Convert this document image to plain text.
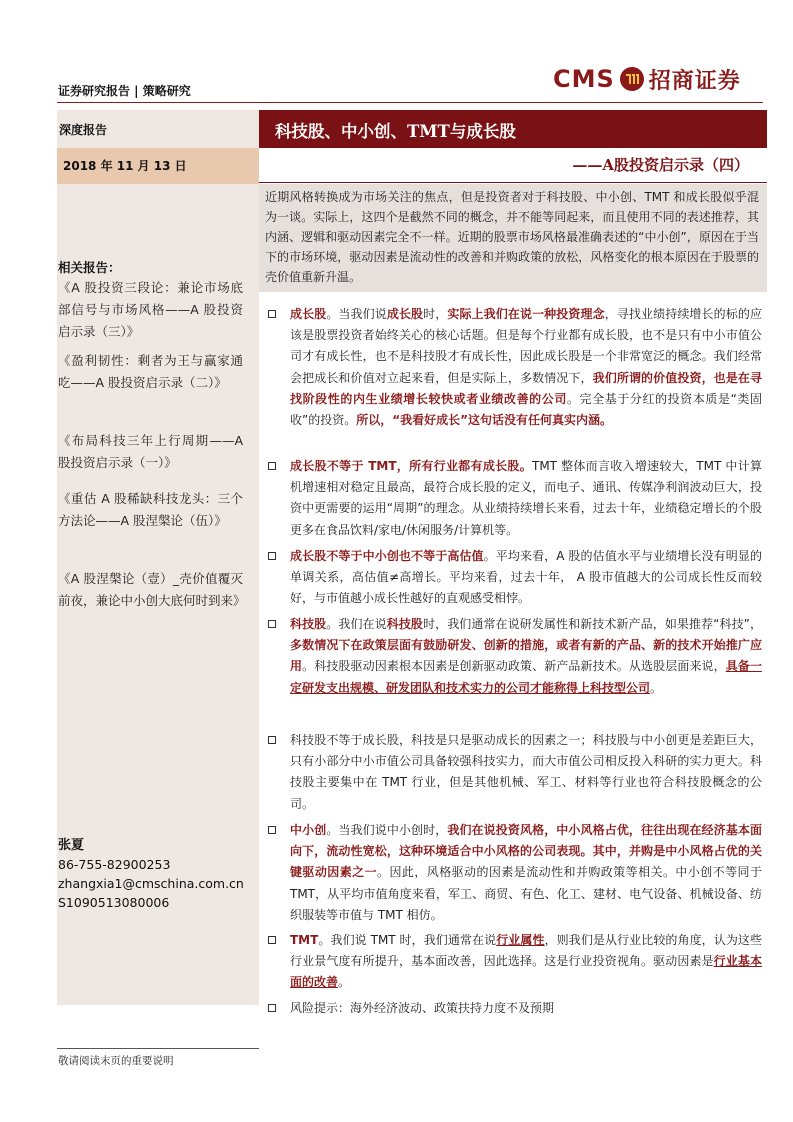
证券研究报告 | 策略研究	CMS 招商证券
深度报告
2018 年 11 月 13 日
相关报告：
《A 股投资三段论：兼论市场底部信号与市场风格——A 股投资启示录（三）》
《盈利韧性：剩者为王与赢家通吃——A 股投资启示录（二）》
《布局科技三年上行周期——A 股投资启示录（一）》
《重估 A 股稀缺科技龙头：三个方法论——A 股涅槃论（伍）》
《A 股涅槃论（壹）_壳价值覆灭前夜，兼论中小创大底何时到来》
张夏
86-755-82900253
zhangxia1@cmschina.com.cn
S1090513080006
敬请阅读末页的重要说明
科技股、中小创、TMT与成长股
——A股投资启示录（四）
近期风格转换成为市场关注的焦点，但是投资者对于科技股、中小创、TMT 和成长股似乎混为一谈。实际上，这四个是截然不同的概念，并不能等同起来，而且使用不同的表述推荐，其内涵、逻辑和驱动因素完全不一样。近期的股票市场风格最准确表述的“中小创”，原因在于当下的市场环境，驱动因素是流动性的改善和并购政策的放松，风格变化的根本原因在于股票的壳价值重新升温。
成长股。当我们说成长股时，实际上我们在说一种投资理念，寻找业绩持续增长的标的应该是股票投资者始终关心的核心话题。但是每个行业都有成长股，也不是只有中小市值公司才有成长性，也不是科技股才有成长性，因此成长股是一个非常宽泛的概念。我们经常会把成长和价值对立起来看，但是实际上，多数情况下，我们所谓的价值投资，也是在寻找阶段性的内生业绩增长较快或者业绩改善的公司。完全基于分红的投资本质是“类固收”的投资。所以，“我看好成长”这句话没有任何真实内涵。
成长股不等于 TMT，所有行业都有成长股。TMT 整体而言收入增速较大，TMT 中计算机增速相对稳定且最高，最符合成长股的定义，而电子、通讯、传媒净利润波动巨大，投资中更需要的运用“周期”的理念。从业绩持续增长来看，过去十年，业绩稳定增长的个股更多在食品饮料/家电/休闲服务/计算机等。
成长股不等于中小创也不等于高估值。平均来看，A 股的估值水平与业绩增长没有明显的单调关系，高估值≠高增长。平均来看，过去十年， A 股市值越大的公司成长性反而较好，与市值越小成长性越好的直观感受相悖。
科技股。我们在说科技股时，我们通常在说研发属性和新技术新产品，如果推荐“科技”，多数情况下在政策层面有鼓励研发、创新的措施，或者有新的产品、新的技术开始推广应用。科技股驱动因素根本因素是创新驱动政策、新产品新技术。从选股层面来说，具备一定研发支出规模、研发团队和技术实力的公司才能称得上科技型公司。
科技股不等于成长股，科技是只是驱动成长的因素之一；科技股与中小创更是差距巨大，只有小部分中小市值公司具备较强科技实力，而大市值公司相反投入科研的实力更大。科技股主要集中在 TMT 行业，但是其他机械、军工、材料等行业也符合科技股概念的公司。
中小创。当我们说中小创时，我们在说投资风格，中小风格占优，往往出现在经济基本面向下，流动性宽松，这种环境适合中小风格的公司表现。其中，并购是中小风格占优的关键驱动因素之一。因此，风格驱动的因素是流动性和并购政策等相关。中小创不等同于 TMT，从平均市值角度来看，军工、商贸、有色、化工、建材、电气设备、机械设备、纺织服装等市值与 TMT 相仿。
TMT。我们说 TMT 时，我们通常在说行业属性，则我们是从行业比较的角度，认为这些行业景气度有所提升，基本面改善，因此选择。这是行业投资视角。驱动因素是行业基本面的改善。
风险提示：海外经济波动、政策扶持力度不及预期
